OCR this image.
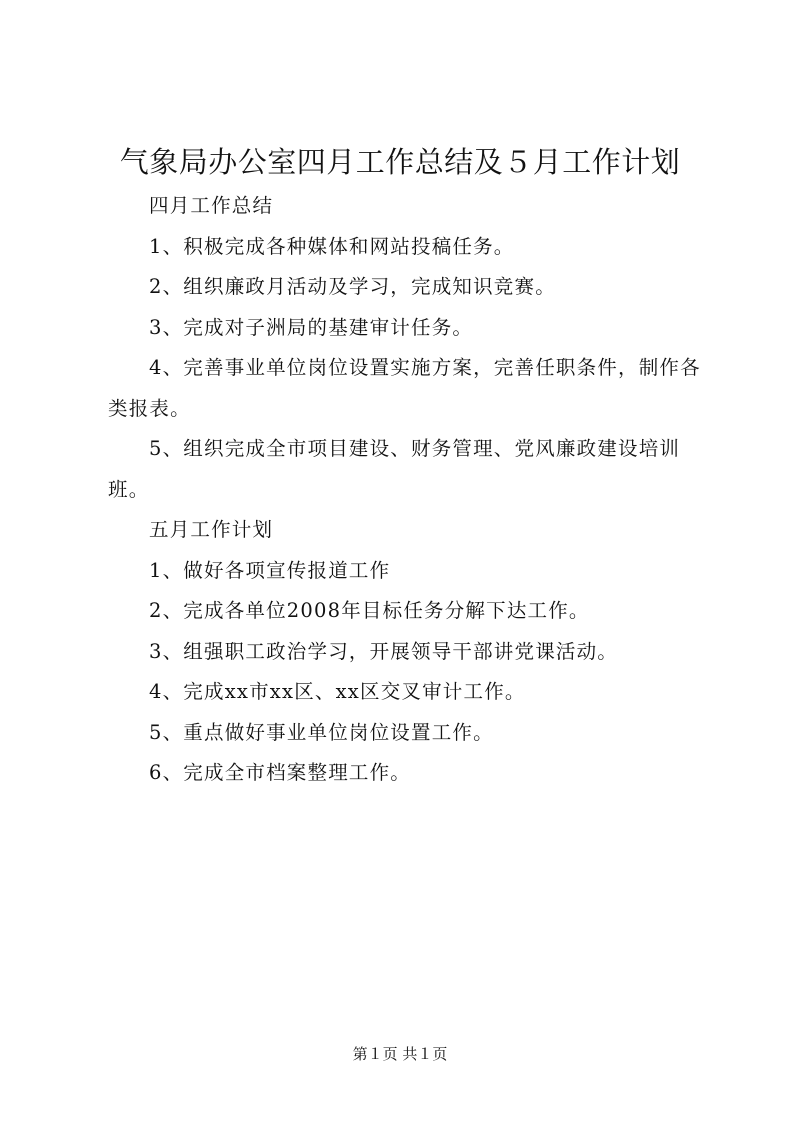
气象局办公室四月工作总结及５月工作计划

四月工作总结

1、积极完成各种媒体和网站投稿任务。

2、组织廉政月活动及学习，完成知识竞赛。

3、完成对子洲局的基建审计任务。

4、完善事业单位岗位设置实施方案，完善任职条件，制作各类报表。

5、组织完成全市项目建设、财务管理、党风廉政建设培训班。

五月工作计划

1、做好各项宣传报道工作

2、完成各单位2008年目标任务分解下达工作。

3、组强职工政治学习，开展领导干部讲党课活动。

4、完成xx市xx区、xx区交叉审计工作。

5、重点做好事业单位岗位设置工作。

6、完成全市档案整理工作。

第１页 共１页
